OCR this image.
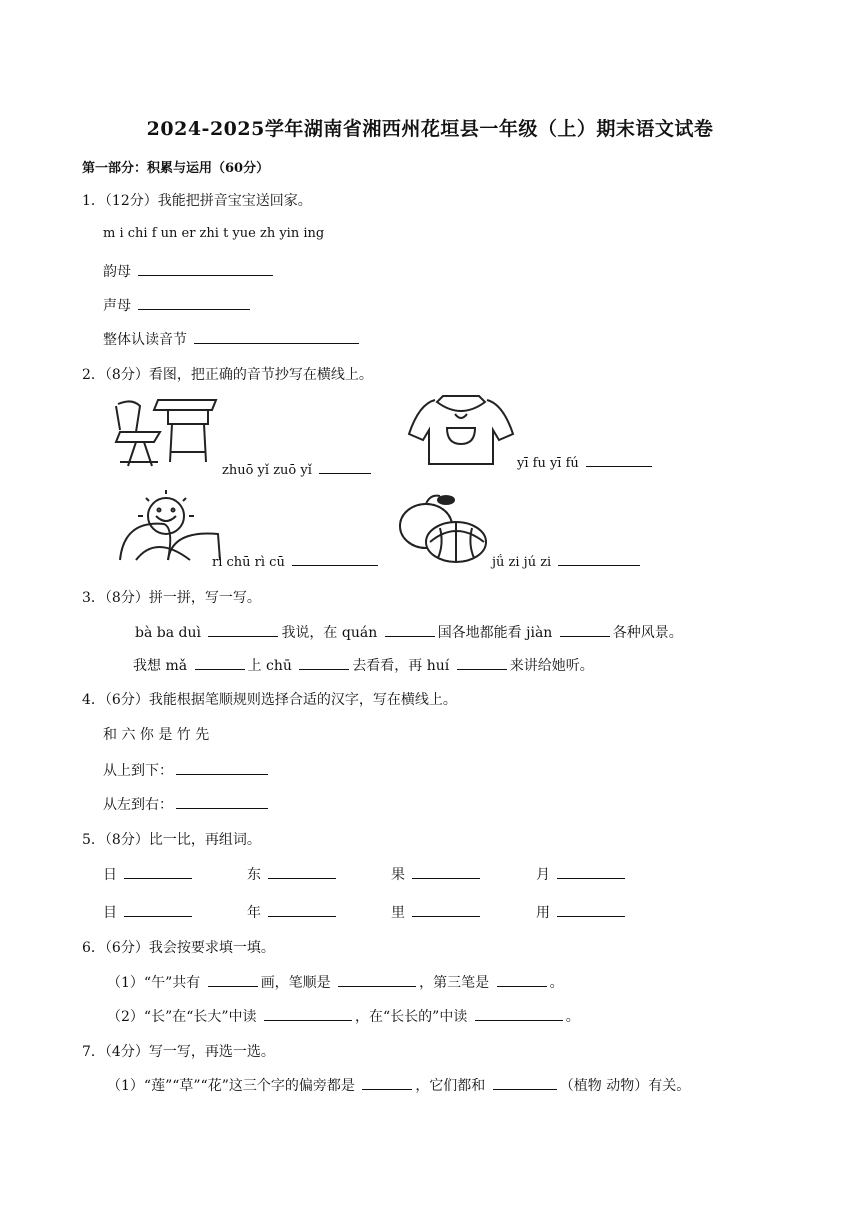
2024-2025学年湖南省湘西州花垣县一年级（上）期末语文试卷
第一部分：积累与运用（60分）
1．（12分）我能把拼音宝宝送回家。
m i chi f un er zhi t yue zh yin ing
韵母
声母
整体认读音节
2．（8分）看图，把正确的音节抄写在横线上。
zhuō yǐ zuō yǐ	yī fu yī fú
rì chū rì cū	jǘ zi jú zi
3．（8分）拼一拼，写一写。
bà ba duì	我说，在 quán	国各地都能看 jiàn	各种风景。
我想 mǎ	上 chū	去看看，再 huí	来讲给她听。
4．（6分）我能根据笔顺规则选择合适的汉字，写在横线上。
和 六 你 是 竹 先
从上到下：
从左到右：
5．（8分）比一比，再组词。
日	东	果	月
目	年	里	用
6．（6分）我会按要求填一填。
（1）“午”共有	画，笔顺是	，第三笔是	。
（2）“长”在“长大”中读	，在“长长的”中读	。
7．（4分）写一写，再选一选。
（1）“莲”“草”“花”这三个字的偏旁都是	，它们都和	（植物 动物）有关。
